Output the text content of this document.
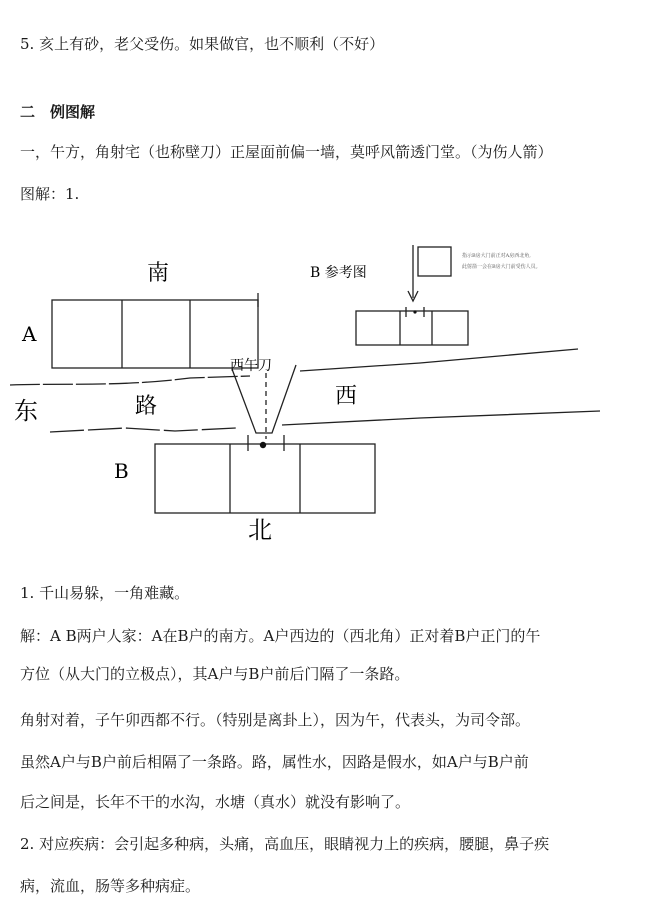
5. 亥上有砂，老父受伤。如果做官，也不顺利（不好）
二　例图解
一，午方，角射宅（也称壁刀）正屋面前偏一墙，莫呼风箭透门堂。（为伤人箭）
图解：1.
南
A
东	路	西
西午刀
B
北
B 参考图
指示B房大门前正对A房西北角,
此射箭一会在B房大门前受伤人员。
1. 千山易躲，一角难藏。
解：A B两户人家：A在B户的南方。A户西边的（西北角）正对着B户正门的午
方位（从大门的立极点），其A户与B户前后门隔了一条路。
角射对着，子午卯西都不行。（特别是离卦上），因为午，代表头，为司令部。
虽然A户与B户前后相隔了一条路。路，属性水，因路是假水，如A户与B户前
后之间是，长年不干的水沟，水塘（真水）就没有影响了。
2. 对应疾病：会引起多种病，头痛，高血压，眼睛视力上的疾病，腰腿，鼻子疾
病，流血，肠等多种病症。
